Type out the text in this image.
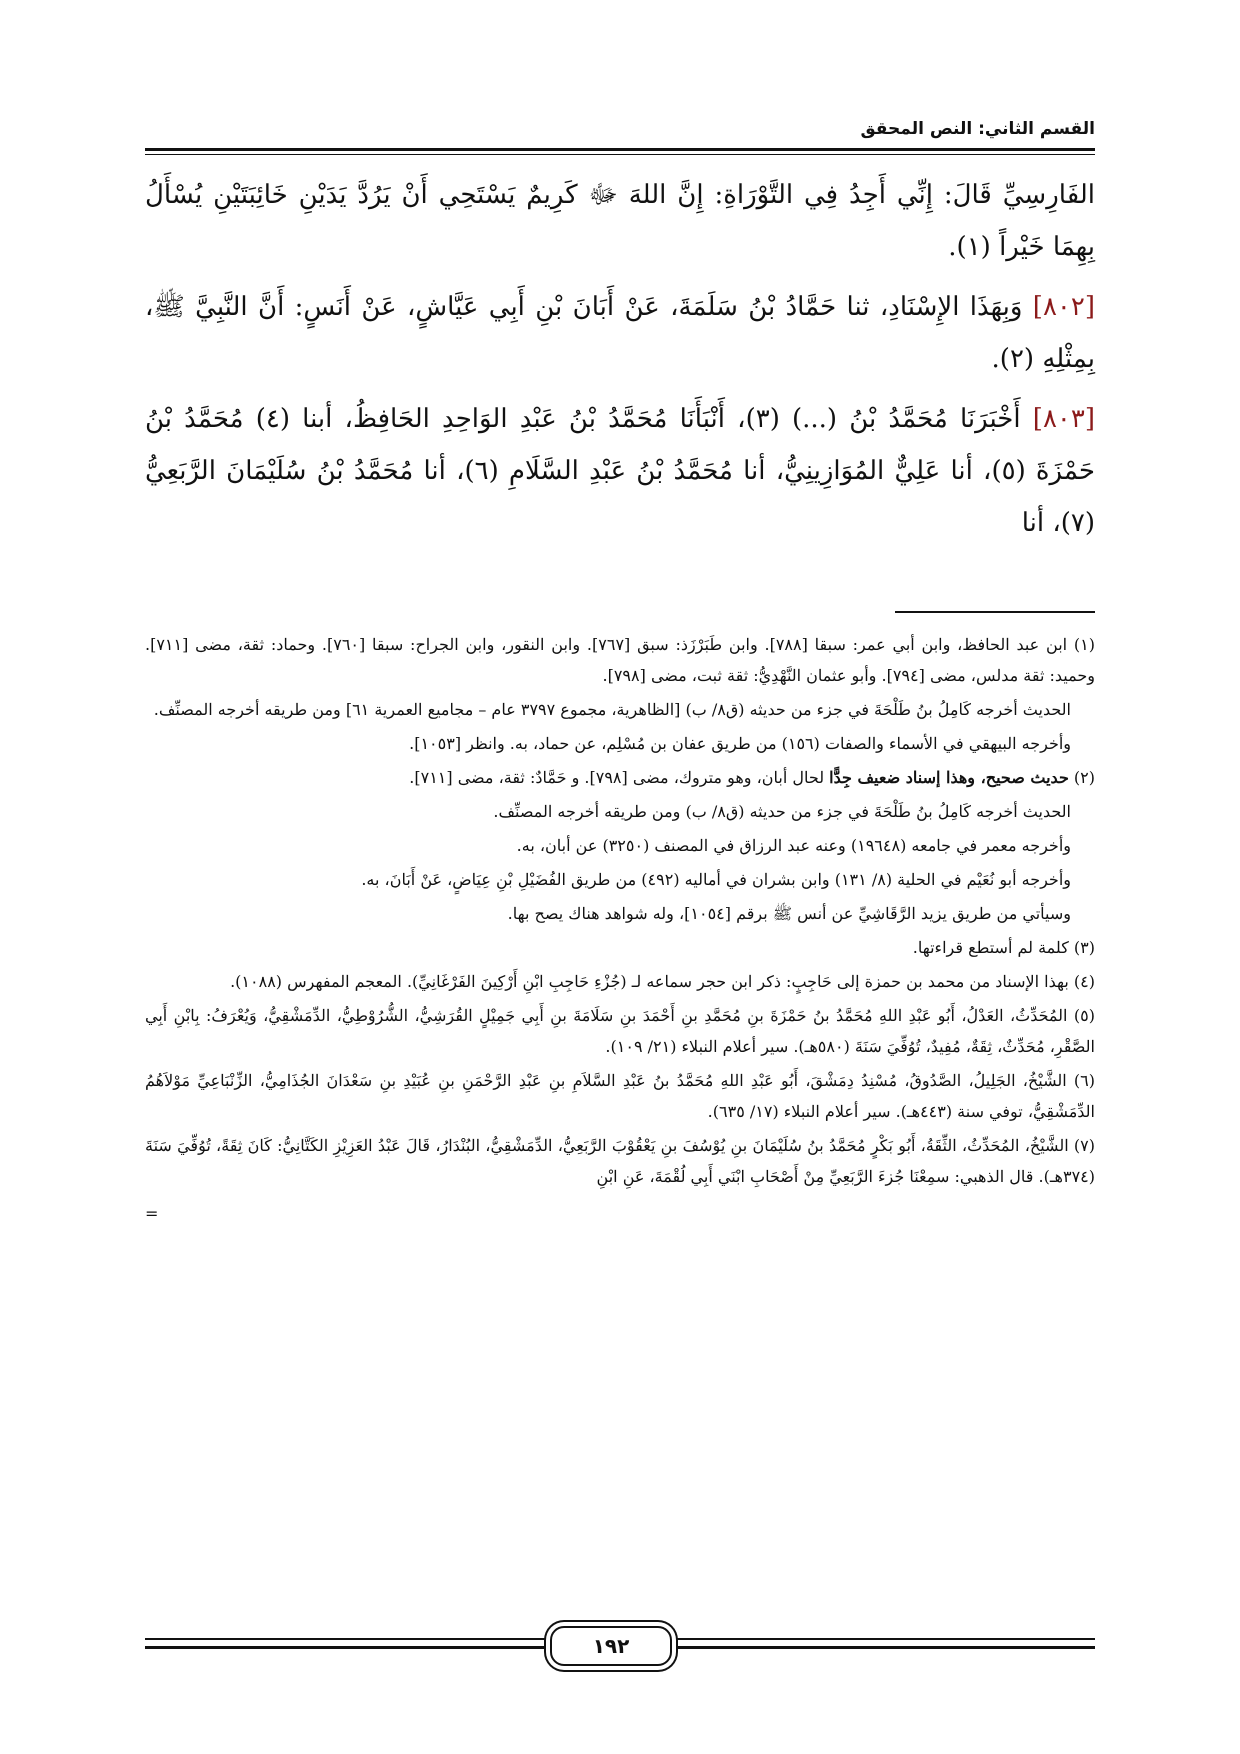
القسم الثاني: النص المحقق

الفَارِسِيِّ قَالَ: إِنِّي أَجِدُ فِي التَّوْرَاةِ: إِنَّ اللهَ ﷻ كَرِيمٌ يَسْتَحِي أَنْ يَرُدَّ يَدَيْنِ خَائِبَتَيْنِ يُسْأَلُ بِهِمَا خَيْراً (١).

[٨٠٢] وَبِهَذَا الإِسْنَادِ، ثنا حَمَّادُ بْنُ سَلَمَةَ، عَنْ أَبَانَ بْنِ أَبِي عَيَّاشٍ، عَنْ أَنَسٍ: أَنَّ النَّبِيَّ ﷺ، بِمِثْلِهِ (٢).

[٨٠٣] أَخْبَرَنَا مُحَمَّدُ بْنُ (...) (٣)، أَنْبَأَنَا مُحَمَّدُ بْنُ عَبْدِ الوَاحِدِ الحَافِظُ، أبنا (٤) مُحَمَّدُ بْنُ حَمْزَةَ (٥)، أنا عَلِيٌّ المُوَازِينِيُّ، أنا مُحَمَّدُ بْنُ عَبْدِ السَّلَامِ (٦)، أنا مُحَمَّدُ بْنُ سُلَيْمَانَ الرَّبَعِيُّ (٧)، أنا

(١) ابن عبد الحافظ، وابن أبي عمر: سبقا [٧٨٨]. وابن طَبَرْزَذ: سبق [٧٦٧]. وابن النقور، وابن الجراح: سبقا [٧٦٠]. وحماد: ثقة، مضى [٧١١]. وحميد: ثقة مدلس، مضى [٧٩٤]. وأبو عثمان النَّهْدِيُّ: ثقة ثبت، مضى [٧٩٨].

الحديث أخرجه كَامِلُ بنُ طَلْحَةَ في جزء من حديثه (ق٨/ ب) [الظاهرية، مجموع ٣٧٩٧ عام – مجاميع العمرية ٦١] ومن طريقه أخرجه المصنِّف.

وأخرجه البيهقي في الأسماء والصفات (١٥٦) من طريق عفان بن مُسْلِم، عن حماد، به. وانظر [١٠٥٣].

(٢) حديث صحيح، وهذا إسناد ضعيف جِدًّا لحال أبان، وهو متروك، مضى [٧٩٨]. و حَمَّادٌ: ثقة، مضى [٧١١].

الحديث أخرجه كَامِلُ بنُ طَلْحَةَ في جزء من حديثه (ق٨/ ب) ومن طريقه أخرجه المصنِّف.

وأخرجه معمر في جامعه (١٩٦٤٨) وعنه عبد الرزاق في المصنف (٣٢٥٠) عن أبان، به.

وأخرجه أبو نُعَيْم في الحلية (٨/ ١٣١) وابن بشران في أماليه (٤٩٢) من طريق الفُضَيْلِ بْنِ عِيَاضٍ، عَنْ أَبَانَ، به.

وسيأتي من طريق يزيد الرَّقَاشِيِّ عن أنس ﷺ برقم [١٠٥٤]، وله شواهد هناك يصح بها.

(٣) كلمة لم أستطع قراءتها.

(٤) بهذا الإسناد من محمد بن حمزة إلى حَاجِبٍ: ذكر ابن حجر سماعه لـ (جُزْءِ حَاجِبِ ابْنِ أَرْكِينَ الفَرْغَانِيِّ). المعجم المفهرس (١٠٨٨).

(٥) المُحَدِّثُ، العَدْلُ، أَبُو عَبْدِ اللهِ مُحَمَّدُ بنُ حَمْزَةَ بنِ مُحَمَّدِ بنِ أَحْمَدَ بنِ سَلَامَةَ بنِ أَبِي جَمِيْلٍ القُرَشِيُّ، الشُّرُوْطِيُّ، الدِّمَشْقِيُّ، وَيُعْرَفُ: بِابْنِ أَبِي الصَّقْرِ، مُحَدِّثٌ، ثِقَةٌ، مُفِيدٌ، تُوُفِّيَ سَنَةَ (٥٨٠هـ). سير أعلام النبلاء (٢١/ ١٠٩).

(٦) الشَّيْخُ، الجَلِيلُ، الصَّدُوقُ، مُسْنِدُ دِمَشْقَ، أَبُو عَبْدِ اللهِ مُحَمَّدُ بنُ عَبْدِ السَّلاَمِ بنِ عَبْدِ الرَّحْمَنِ بنِ عُبَيْدِ بنِ سَعْدَانَ الجُذَامِيُّ، الزِّنْبَاعِيِّ مَوْلاَهُمُ الدِّمَشْقِيُّ، توفي سنة (٤٤٣هـ). سير أعلام النبلاء (١٧/ ٦٣٥).

(٧) الشَّيْخُ، المُحَدِّثُ، الثِّقَةُ، أَبُو بَكْرٍ مُحَمَّدُ بنُ سُلَيْمَانَ بنِ يُوْسُفَ بنِ يَعْقُوْبَ الرَّبَعِيُّ، الدِّمَشْقِيُّ، البُنْدَارُ، قَالَ عَبْدُ العَزِيْزِ الكَتَّانِيُّ: كَانَ ثِقَةً، تُوُفِّيَ سَنَةَ (٣٧٤هـ). قال الذهبي: سمِعْنَا جُزءَ الرَّبَعِيِّ مِنْ أَصْحَابِ ابْنَي أَبِي لُقْمَةَ، عَنِ ابْنِ

=
١٩٢
